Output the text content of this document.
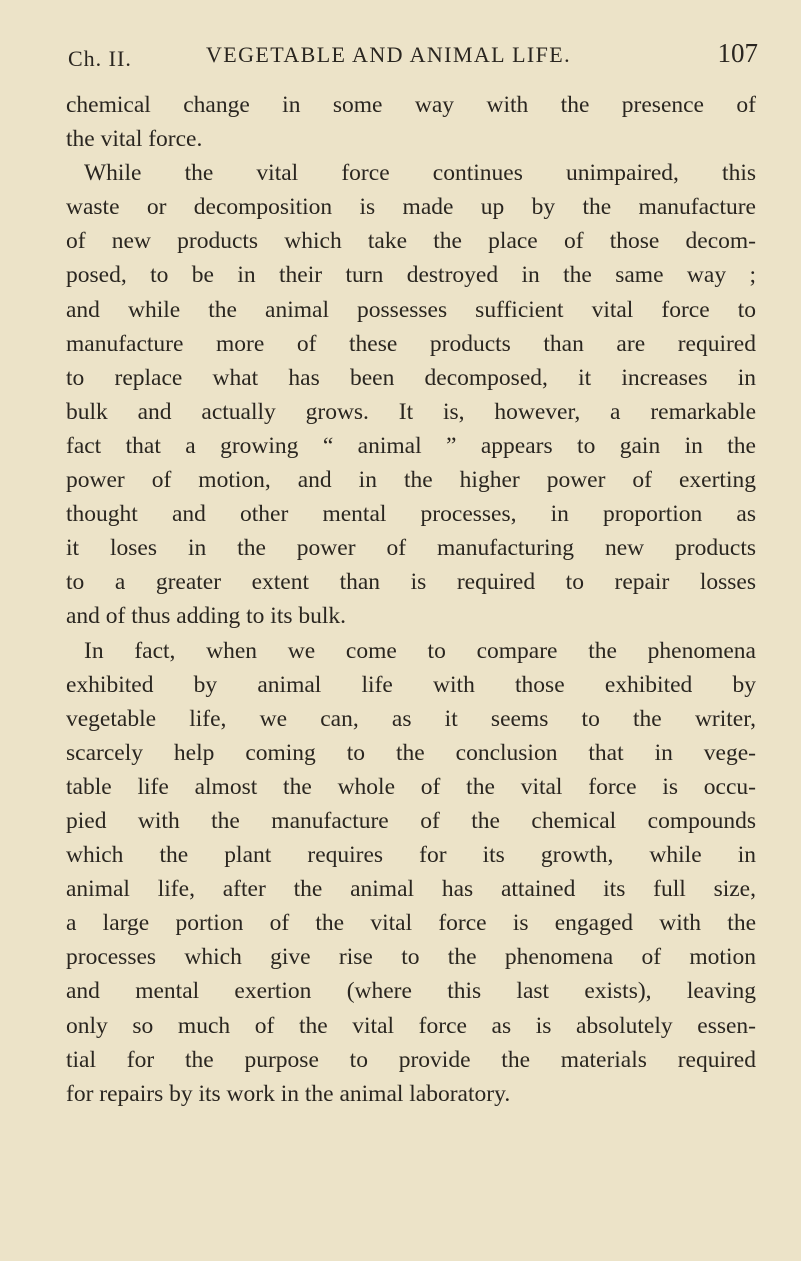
Ch. II.	VEGETABLE AND ANIMAL LIFE.	107
chemical change in some way with the presence of
the vital force.
While the vital force continues unimpaired, this
waste or decomposition is made up by the manufacture
of new products which take the place of those decom-
posed, to be in their turn destroyed in the same way ;
and while the animal possesses sufficient vital force to
manufacture more of these products than are required
to replace what has been decomposed, it increases in
bulk and actually grows. It is, however, a remarkable
fact that a growing “ animal ” appears to gain in the
power of motion, and in the higher power of exerting
thought and other mental processes, in proportion as
it loses in the power of manufacturing new products
to a greater extent than is required to repair losses
and of thus adding to its bulk.
In fact, when we come to compare the phenomena
exhibited by animal life with those exhibited by
vegetable life, we can, as it seems to the writer,
scarcely help coming to the conclusion that in vege-
table life almost the whole of the vital force is occu-
pied with the manufacture of the chemical compounds
which the plant requires for its growth, while in
animal life, after the animal has attained its full size,
a large portion of the vital force is engaged with the
processes which give rise to the phenomena of motion
and mental exertion (where this last exists), leaving
only so much of the vital force as is absolutely essen-
tial for the purpose to provide the materials required
for repairs by its work in the animal laboratory.
